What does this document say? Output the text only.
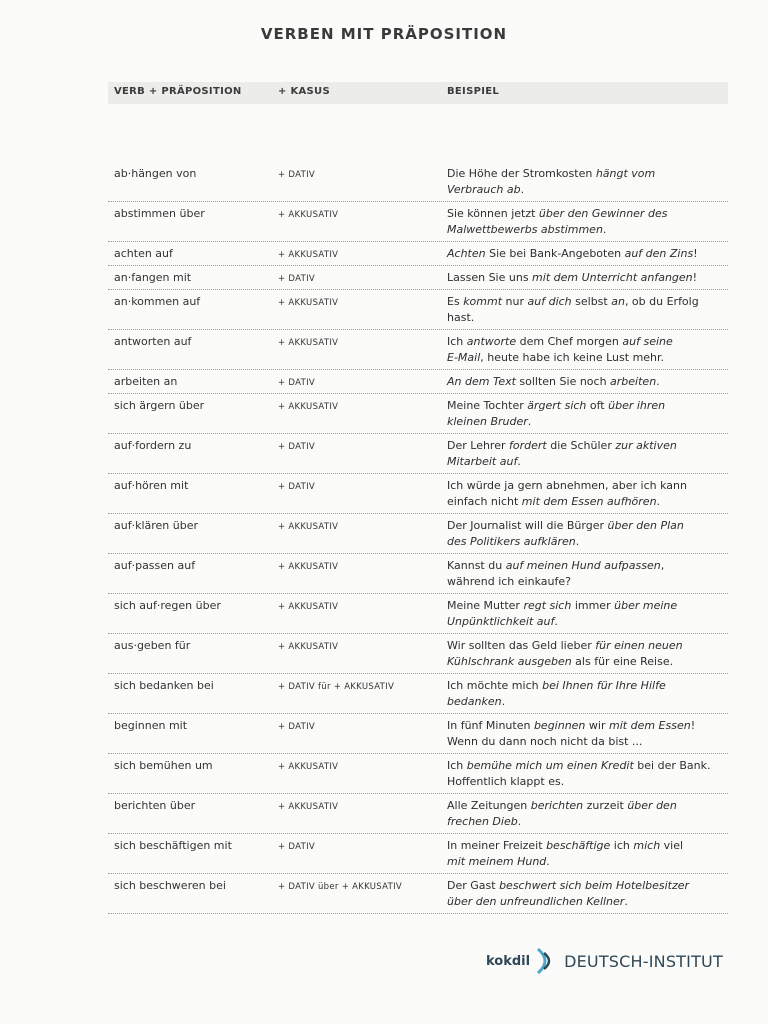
VERBEN MIT PRÄPOSITION
VERB + PRÄPOSITION	+ KASUS	BEISPIEL
ab·hängen von	+ DATIV	Die Höhe der Stromkosten hängt vom
Verbrauch ab.
abstimmen über	+ AKKUSATIV	Sie können jetzt über den Gewinner des
Malwettbewerbs abstimmen.
achten auf	+ AKKUSATIV	Achten Sie bei Bank-Angeboten auf den Zins!
an·fangen mit	+ DATIV	Lassen Sie uns mit dem Unterricht anfangen!
an·kommen auf	+ AKKUSATIV	Es kommt nur auf dich selbst an, ob du Erfolg
hast.
antworten auf	+ AKKUSATIV	Ich antworte dem Chef morgen auf seine
E-Mail, heute habe ich keine Lust mehr.
arbeiten an	+ DATIV	An dem Text sollten Sie noch arbeiten.
sich ärgern über	+ AKKUSATIV	Meine Tochter ärgert sich oft über ihren
kleinen Bruder.
auf·fordern zu	+ DATIV	Der Lehrer fordert die Schüler zur aktiven
Mitarbeit auf.
auf·hören mit	+ DATIV	Ich würde ja gern abnehmen, aber ich kann
einfach nicht mit dem Essen aufhören.
auf·klären über	+ AKKUSATIV	Der Journalist will die Bürger über den Plan
des Politikers aufklären.
auf·passen auf	+ AKKUSATIV	Kannst du auf meinen Hund aufpassen,
während ich einkaufe?
sich auf·regen über	+ AKKUSATIV	Meine Mutter regt sich immer über meine
Unpünktlichkeit auf.
aus·geben für	+ AKKUSATIV	Wir sollten das Geld lieber für einen neuen
Kühlschrank ausgeben als für eine Reise.
sich bedanken bei	+ DATIV für + AKKUSATIV	Ich möchte mich bei Ihnen für Ihre Hilfe
bedanken.
beginnen mit	+ DATIV	In fünf Minuten beginnen wir mit dem Essen!
Wenn du dann noch nicht da bist ...
sich bemühen um	+ AKKUSATIV	Ich bemühe mich um einen Kredit bei der Bank.
Hoffentlich klappt es.
berichten über	+ AKKUSATIV	Alle Zeitungen berichten zurzeit über den
frechen Dieb.
sich beschäftigen mit	+ DATIV	In meiner Freizeit beschäftige ich mich viel
mit meinem Hund.
sich beschweren bei	+ DATIV über + AKKUSATIV	Der Gast beschwert sich beim Hotelbesitzer
über den unfreundlichen Kellner.
kokdil DEUTSCH-INSTITUT
